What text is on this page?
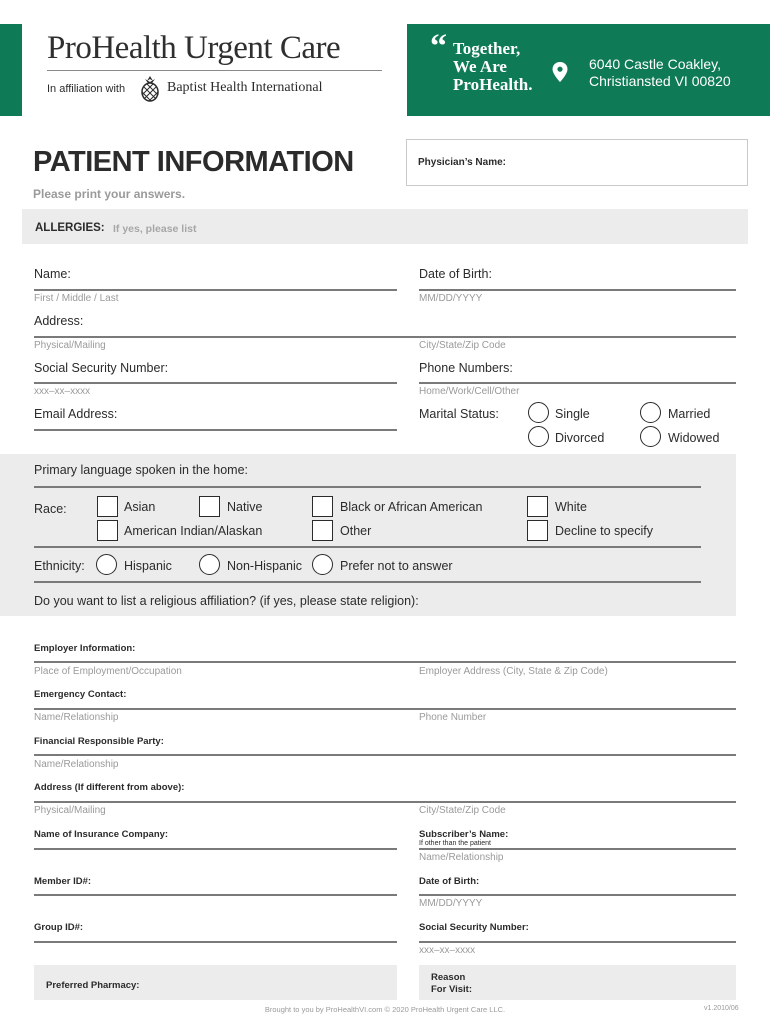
ProHealth Urgent Care
In affiliation with	Baptist Health International
“ Together,
We Are
ProHealth.
6040 Castle Coakley,
Christiansted VI 00820
PATIENT INFORMATION
Please print your answers.
Physician’s Name:
ALLERGIES: If yes, please list
Name:
First / Middle / Last
Date of Birth:
MM/DD/YYYY
Address:
Physical/Mailing	City/State/Zip Code
Social Security Number:
xxx–xx–xxxx
Phone Numbers:
Home/Work/Cell/Other
Email Address:	Marital Status:	Single	Married
Divorced	Widowed
Primary language spoken in the home:
Race:	Asian	Native	Black or African American	White
American Indian/Alaskan	Other	Decline to specify
Ethnicity:	Hispanic	Non-Hispanic	Prefer not to answer
Do you want to list a religious affiliation? (if yes, please state religion):
Employer Information:
Place of Employment/Occupation	Employer Address (City, State & Zip Code)
Emergency Contact:
Name/Relationship	Phone Number
Financial Responsible Party:
Name/Relationship
Address (If different from above):
Physical/Mailing	City/State/Zip Code
Name of Insurance Company:	Subscriber’s Name:
If other than the patient
Name/Relationship
Member ID#:	Date of Birth:
MM/DD/YYYY
Group ID#:	Social Security Number:
xxx–xx–xxxx
Preferred Pharmacy:
Reason
For Visit:
Brought to you by ProHealthVI.com © 2020 ProHealth Urgent Care LLC.	v1.2010/06
